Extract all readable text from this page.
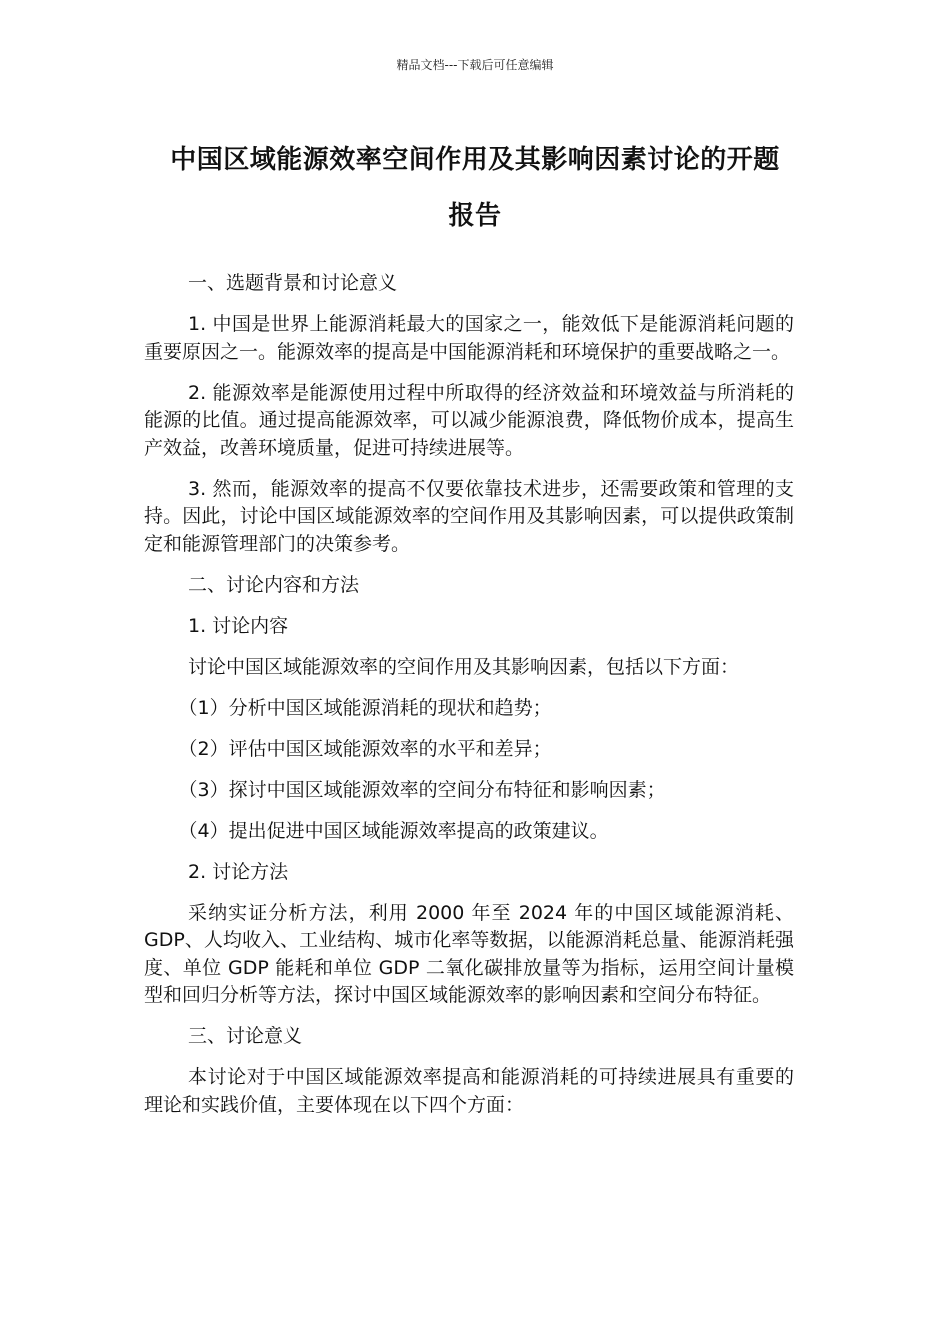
精品文档---下载后可任意编辑
中国区域能源效率空间作用及其影响因素讨论的开题
报告

一、选题背景和讨论意义

1. 中国是世界上能源消耗最大的国家之一，能效低下是能源消耗问题的重要原因之一。能源效率的提高是中国能源消耗和环境保护的重要战略之一。

2. 能源效率是能源使用过程中所取得的经济效益和环境效益与所消耗的能源的比值。通过提高能源效率，可以减少能源浪费，降低物价成本，提高生产效益，改善环境质量，促进可持续进展等。

3. 然而，能源效率的提高不仅要依靠技术进步，还需要政策和管理的支持。因此，讨论中国区域能源效率的空间作用及其影响因素，可以提供政策制定和能源管理部门的决策参考。

二、讨论内容和方法

1. 讨论内容

讨论中国区域能源效率的空间作用及其影响因素，包括以下方面：

（1）分析中国区域能源消耗的现状和趋势；

（2）评估中国区域能源效率的水平和差异；

（3）探讨中国区域能源效率的空间分布特征和影响因素；

（4）提出促进中国区域能源效率提高的政策建议。

2. 讨论方法

采纳实证分析方法，利用 2000 年至 2024 年的中国区域能源消耗、GDP、人均收入、工业结构、城市化率等数据，以能源消耗总量、能源消耗强度、单位 GDP 能耗和单位 GDP 二氧化碳排放量等为指标，运用空间计量模型和回归分析等方法，探讨中国区域能源效率的影响因素和空间分布特征。

三、讨论意义

本讨论对于中国区域能源效率提高和能源消耗的可持续进展具有重要的理论和实践价值，主要体现在以下四个方面：
